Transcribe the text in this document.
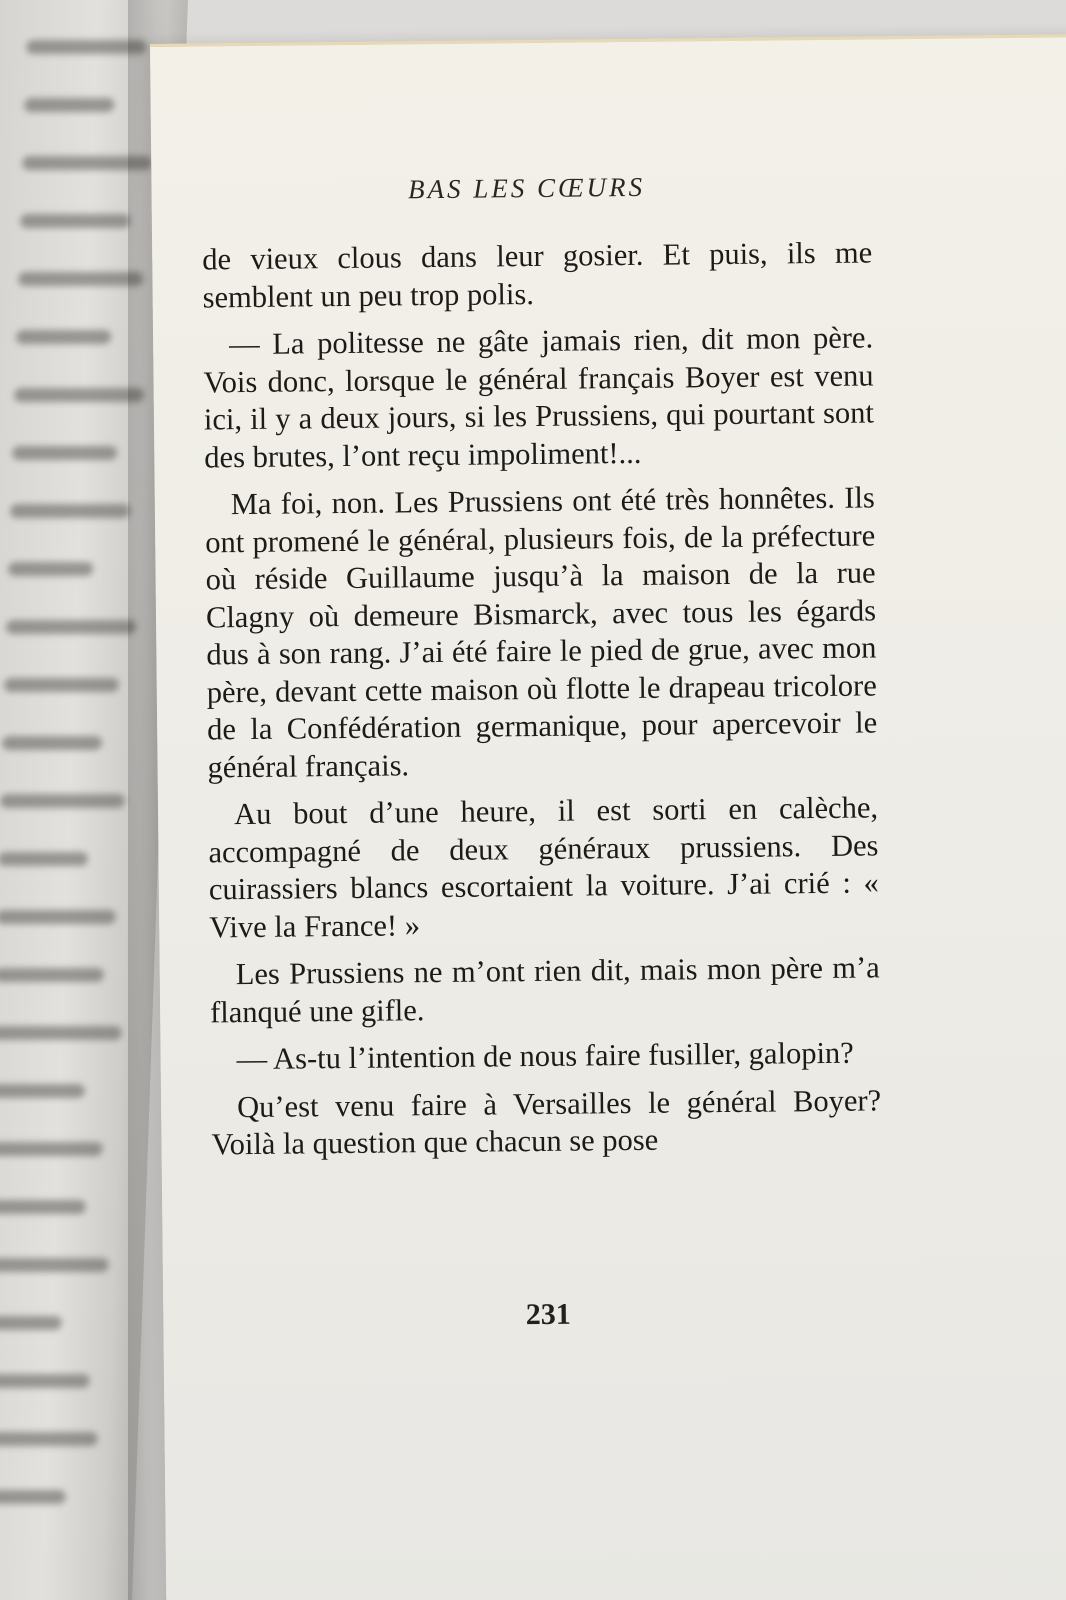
BAS LES CŒURS

de vieux clous dans leur gosier. Et puis, ils me semblent un peu trop polis.

— La politesse ne gâte jamais rien, dit mon père. Vois donc, lorsque le général français Boyer est venu ici, il y a deux jours, si les Prussiens, qui pourtant sont des brutes, l’ont reçu impoliment!...

Ma foi, non. Les Prussiens ont été très honnêtes. Ils ont promené le général, plusieurs fois, de la préfecture où réside Guillaume jusqu’à la maison de la rue Clagny où demeure Bismarck, avec tous les égards dus à son rang. J’ai été faire le pied de grue, avec mon père, devant cette maison où flotte le drapeau tricolore de la Confédération germanique, pour apercevoir le général français.

Au bout d’une heure, il est sorti en calèche, accompagné de deux généraux prussiens. Des cuirassiers blancs escortaient la voiture. J’ai crié : « Vive la France! »

Les Prussiens ne m’ont rien dit, mais mon père m’a flanqué une gifle.

— As-tu l’intention de nous faire fusiller, galopin?

Qu’est venu faire à Versailles le général Boyer? Voilà la question que chacun se pose

231
